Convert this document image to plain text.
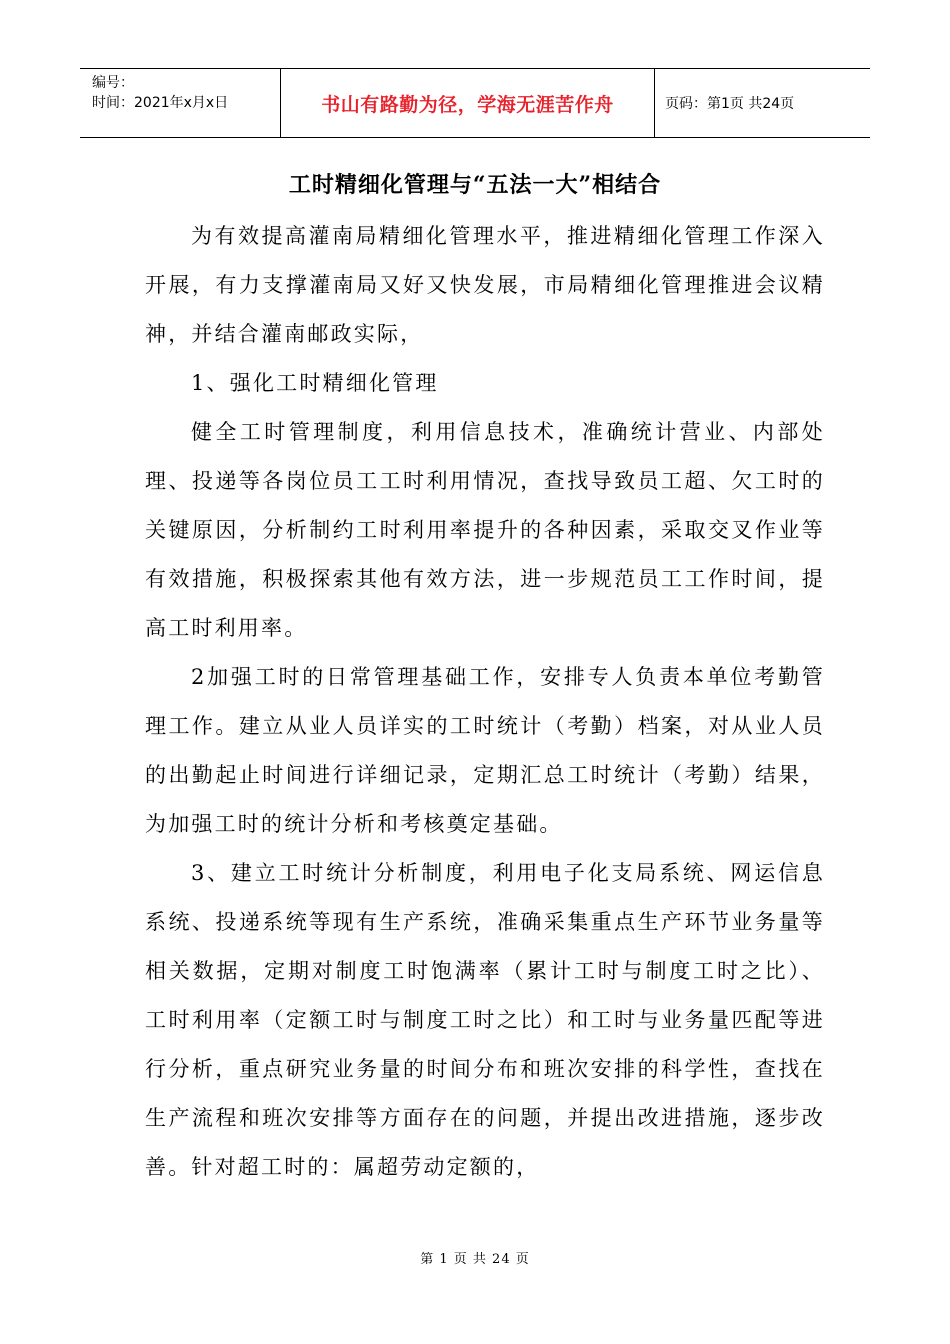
编号：
时间：2021年x月x日	书山有路勤为径，学海无涯苦作舟	页码：第1页 共24页
工时精细化管理与“五法一大”相结合

为有效提高灌南局精细化管理水平，推进精细化管理工作深入开展，有力支撑灌南局又好又快发展，市局精细化管理推进会议精神，并结合灌南邮政实际，

1、强化工时精细化管理

健全工时管理制度，利用信息技术，准确统计营业、内部处理、投递等各岗位员工工时利用情况，查找导致员工超、欠工时的关键原因，分析制约工时利用率提升的各种因素，采取交叉作业等有效措施，积极探索其他有效方法，进一步规范员工工作时间，提高工时利用率。

2加强工时的日常管理基础工作，安排专人负责本单位考勤管理工作。建立从业人员详实的工时统计（考勤）档案，对从业人员的出勤起止时间进行详细记录，定期汇总工时统计（考勤）结果，为加强工时的统计分析和考核奠定基础。

3、建立工时统计分析制度，利用电子化支局系统、网运信息系统、投递系统等现有生产系统，准确采集重点生产环节业务量等相关数据，定期对制度工时饱满率（累计工时与制度工时之比）、工时利用率（定额工时与制度工时之比）和工时与业务量匹配等进行分析，重点研究业务量的时间分布和班次安排的科学性，查找在生产流程和班次安排等方面存在的问题，并提出改进措施，逐步改善。针对超工时的：属超劳动定额的，

第 1 页 共 24 页
